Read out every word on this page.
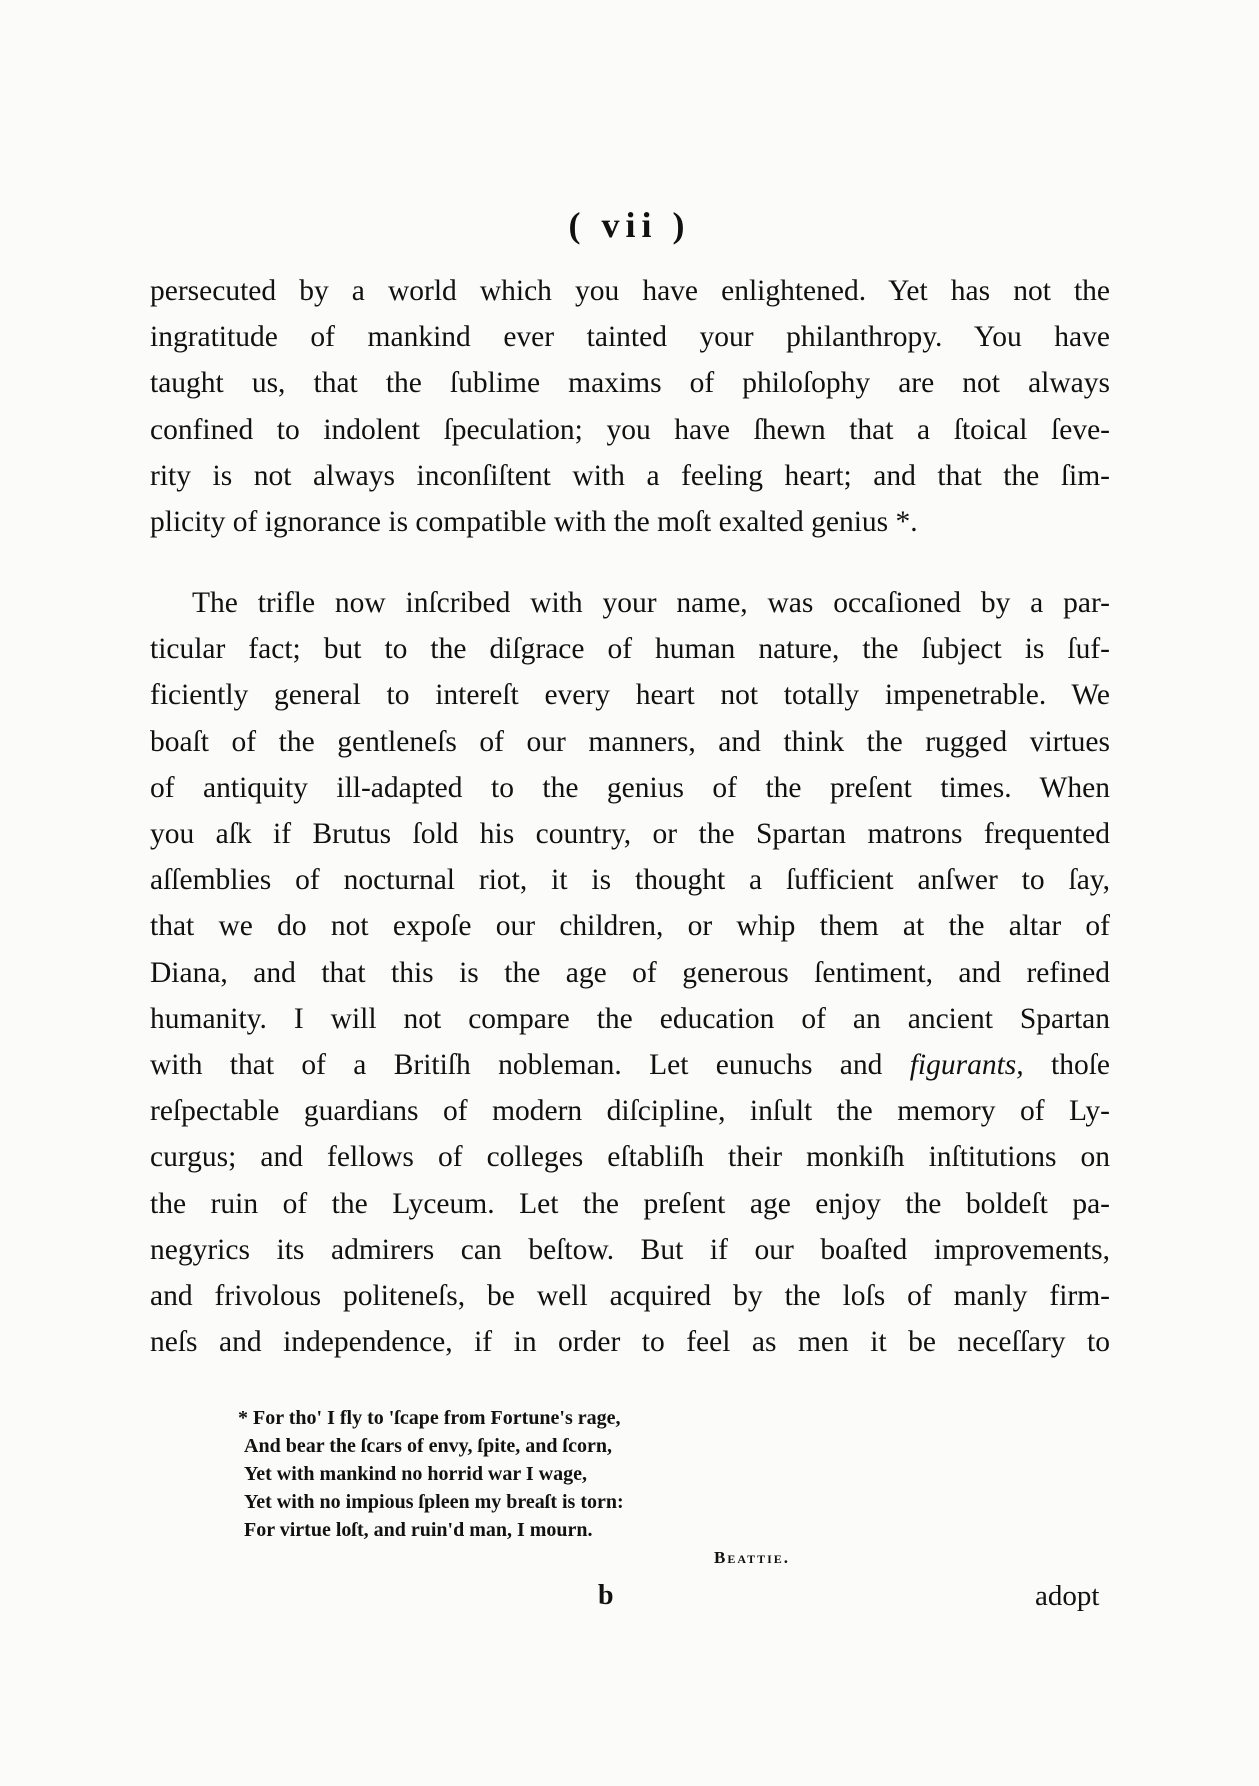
( vii )
persecuted by a world which you have enlightened. Yet has not the
ingratitude of mankind ever tainted your philanthropy. You have
taught us, that the ſublime maxims of philoſophy are not always
confined to indolent ſpeculation; you have ſhewn that a ſtoical ſeve-
rity is not always inconſiſtent with a feeling heart; and that the ſim-
plicity of ignorance is compatible with the moſt exalted genius *.
The trifle now inſcribed with your name, was occaſioned by a par-
ticular fact; but to the diſgrace of human nature, the ſubject is ſuf-
ficiently general to intereſt every heart not totally impenetrable. We
boaſt of the gentleneſs of our manners, and think the rugged virtues
of antiquity ill-adapted to the genius of the preſent times. When
you aſk if Brutus ſold his country, or the Spartan matrons frequented
aſſemblies of nocturnal riot, it is thought a ſufficient anſwer to ſay,
that we do not expoſe our children, or whip them at the altar of
Diana, and that this is the age of generous ſentiment, and refined
humanity. I will not compare the education of an ancient Spartan
with that of a Britiſh nobleman. Let eunuchs and figurants, thoſe
reſpectable guardians of modern diſcipline, inſult the memory of Ly-
curgus; and fellows of colleges eſtabliſh their monkiſh inſtitutions on
the ruin of the Lyceum. Let the preſent age enjoy the boldeſt pa-
negyrics its admirers can beſtow. But if our boaſted improvements,
and frivolous politeneſs, be well acquired by the loſs of manly firm-
neſs and independence, if in order to feel as men it be neceſſary to
* For tho' I fly to 'ſcape from Fortune's rage,
And bear the ſcars of envy, ſpite, and ſcorn,
Yet with mankind no horrid war I wage,
Yet with no impious ſpleen my breaſt is torn:
For virtue loſt, and ruin'd man, I mourn.
Beattie.
b	adopt
